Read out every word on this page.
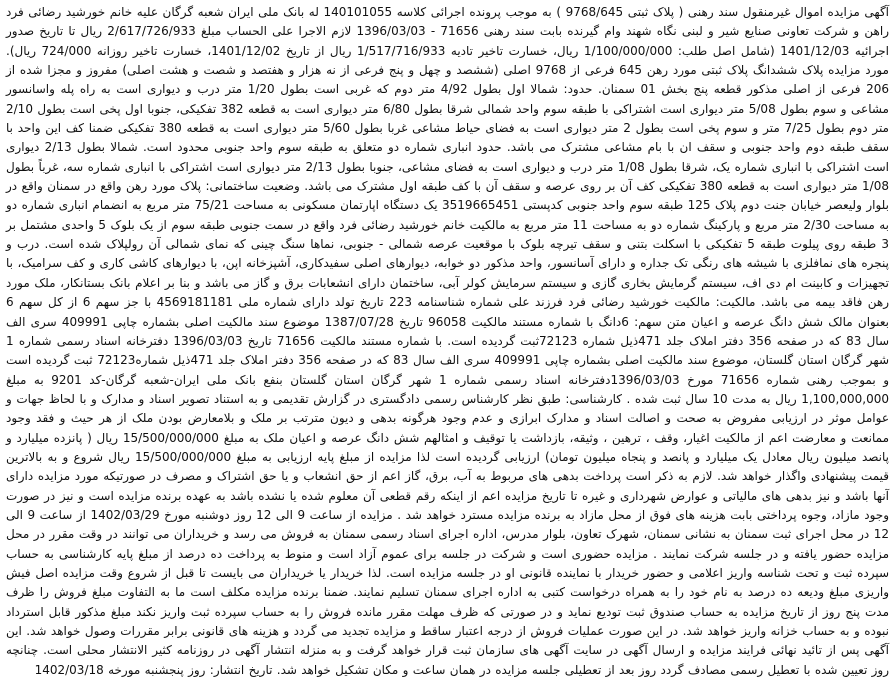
آگهی مزایده اموال غیرمنقول سند رهنی ( پلاک ثبتی 9768/645 ) به موجب پرونده اجرائی کلاسه 140101055 له بانک ملی ایران شعبه گرگان علیه خانم خورشید رضائی فرد راهن و شرکت تعاونی صنایع شیر و لبنی نگاه شهند وام گیرنده بابت سند رهنی 71656 - 1396/03/03 لازم الاجرا علی الحساب مبلغ 2/617/726/933 ریال تا تاریخ صدور اجرائیه 1401/12/03 (شامل اصل طلب: 1/100/000/000 ریال، خسارت تاخیر تادیه 1/517/716/933 ریال از تاریخ 1401/12/02، خسارت تاخیر روزانه 724/000 ریال). مورد مزایده پلاک ششدانگ پلاک ثبتی مورد رهن 645 فرعی از 9768 اصلی (ششصد و چهل و پنج فرعی از نه هزار و هفتصد و شصت و هشت اصلی) مفروز و مجزا شده از 206 فرعی از اصلی مذکور قطعه پنج بخش 01 سمنان. حدود: شمالا اول بطول 4/92 متر دوم که غربی است بطول 1/20 متر درب و دیواری است به راه پله واسانسور مشاعی و سوم بطول 5/08 متر دیواری است اشتراکی با طبقه سوم واحد شمالی شرقا بطول 6/80 متر دیواری است به قطعه 382 تفکیکی، جنوبا اول پخی است بطول 2/10 متر دوم بطول 7/25 متر و سوم پخی است بطول 2 متر دیواری است به فضای حیاط مشاعی غربا بطول 5/60 متر دیواری است به قطعه 380 تفکیکی ضمنا کف این واحد با سقف طبقه دوم واحد جنوبی و سقف ان با بام مشاعی مشترک می باشد. حدود انباری شماره دو متعلق به طبقه سوم واحد جنوبی محدود است. شمالا بطول 2/13 دیواری است اشتراکی با انباری شماره یک، شرقا بطول 1/08 متر درب و دیواری است به فضای مشاعی، جنوبا بطول 2/13 متر دیواری است اشتراکی با انباری شماره سه، غرباً بطول 1/08 متر دیواری است به قطعه 380 تفکیکی کف آن بر روی عرصه و سقف آن با کف طبقه اول مشترک می باشد. وضعیت ساختمانی: پلاک مورد رهن واقع در سمنان واقع در بلوار ولیعصر خیابان جنت دوم پلاک 125 طبقه سوم واحد جنوبی کدپستی 3519665451 یک دستگاه اپارتمان مسکونی به مساحت 75/21 متر مربع به انضمام انباری شماره دو به مساحت 2/30 متر مربع و پارکینگ شماره دو به مساحت 11 متر مربع به مالکیت خانم خورشید رضائی فرد واقع در سمت جنوبی طبقه سوم از یک بلوک 5 واحدی مشتمل بر 3 طبقه روی پیلوت طبقه 5 تفکیکی با اسکلت بتنی و سقف تیرچه بلوک با موقعیت عرصه شمالی - جنوبی، نماها سنگ چینی که نمای شمالی آن رولپلاک شده است. درب و پنجره های نمافلزی با شیشه های رنگی تک جداره و دارای آسانسور، واحد مذکور دو خوابه، دیوارهای اصلی سفیدکاری، آشپزخانه اپن، با دیوارهای کاشی کاری و کف سرامیک، با تجهیزات و کابینت ام دی اف، سیستم گرمایش بخاری گازی و سیستم سرمایش کولر آبی، ساختمان دارای انشعابات برق و گاز می باشد و بنا بر اعلام بانک بستانکار، ملک مورد رهن فاقد بیمه می باشد. مالکیت: مالکیت خورشید رضائی فرد فرزند علی شماره شناسنامه 223 تاریخ تولد دارای شماره ملی 4569181181 با جز سهم 6 از کل سهم 6 بعنوان مالک شش دانگ عرصه و اعیان متن سهم: 6دانگ با شماره مستند مالکیت 96058 تاریخ 1387/07/28 موضوع سند مالکیت اصلی بشماره چاپی 409991 سری الف سال 83 که در صفحه 356 دفتر املاک جلد 471ذیل شماره 72123ثبت گردیده است. با شماره مستند مالکیت 71656 تاریخ 1396/03/03 دفترخانه اسناد رسمی شماره 1 شهر گرگان استان گلستان، موضوع سند مالکیت اصلی بشماره چاپی 409991 سری الف سال 83 که در صفحه 356 دفتر املاک جلد 471ذیل شماره72123 ثبت گردیده است و بموجب رهنی شماره 71656 مورخ 1396/03/03دفترخانه اسناد رسمی شماره 1 شهر گرگان استان گلستان بنفع بانک ملی ایران-شعبه گرگان-کد 9201 به مبلغ 1,100,000,000 ریال به مدت 10 سال ثبت شده . کارشناسی: طبق نظر کارشناس رسمی دادگستری در گزارش تقدیمی و به استناد تصویر اسناد و مدارک و با لحاظ جهات و عوامل موثر در ارزیابی مفروض به صحت و اصالت اسناد و مدارک ابرازی و عدم وجود هرگونه بدهی و دیون مترتب بر ملک و بلامعارض بودن ملک از هر حیث و فقد وجود ممانعت و معارضت اعم از مالکیت اغیار، وقف ، ترهین ، وثیقه، بازداشت یا توقیف و امثالهم شش دانگ عرصه و اعیان ملک به مبلغ 15/500/000/000 ریال ( پانزده میلیارد و پانصد میلیون ریال معادل یک میلیارد و پانصد و پنجاه میلیون تومان) ارزیابی گردیده است لذا مزایده از مبلغ پایه ارزیابی به مبلغ 15/500/000/000 ریال شروع و به بالاترین قیمت پیشنهادی واگذار خواهد شد. لازم به ذکر است پرداخت بدهی های مربوط به آب، برق، گاز اعم از حق انشعاب و یا حق اشتراک و مصرف در صورتیکه مورد مزایده دارای آنها باشد و نیز بدهی های مالیاتی و عوارض شهرداری و غیره تا تاریخ مزایده اعم از اینکه رقم قطعی آن معلوم شده یا نشده باشد به عهده برنده مزایده است و نیز در صورت وجود مازاد، وجوه پرداختی بابت هزینه های فوق از محل مازاد به برنده مزایده مسترد خواهد شد . مزایده از ساعت 9 الی 12 روز دوشنبه مورخ 1402/03/29 از ساعت 9 الی 12 در محل اجرای ثبت سمنان به نشانی سمنان، شهرک تعاون، بلوار مدرس، اداره اجرای اسناد رسمی سمنان به فروش می رسد و خریداران می توانند در وقت مقرر در محل مزایده حضور یافته و در جلسه شرکت نمایند . مزایده حضوری است و شرکت در جلسه برای عموم آزاد است و منوط به پرداخت ده درصد از مبلغ پایه کارشناسی به حساب سپرده ثبت و تحت شناسه واریز اعلامی و حضور خریدار با نماینده قانونی او در جلسه مزایده است. لذا خریدار یا خریداران می بایست تا قبل از شروع وقت مزایده اصل فیش واریزی مبلغ ودیعه ده درصد به نام خود را به همراه درخواست کتبی به اداره اجرای سمنان تسلیم نمایند. ضمنا برنده مزایده مکلف است ما به التفاوت مبلغ فروش را ظرف مدت پنج روز از تاریخ مزایده به حساب صندوق ثبت تودیع نماید و در صورتی که ظرف مهلت مقرر مانده فروش را به حساب سپرده ثبت واریز نکند مبلغ مذکور قابل استرداد نبوده و به حساب خزانه واریز خواهد شد. در این صورت عملیات فروش از درجه اعتبار ساقط و مزایده تجدید می گردد و هزینه های قانونی برابر مقررات وصول خواهد شد. این آگهی پس از تائید نهائی فرایند مزایده و ارسال آگهی در سایت آگهی های سازمان ثبت قرار خواهد گرفت و به منزله انتشار آگهی در روزنامه کثیر الانتشار محلی است. چنانچه روز تعیین شده با تعطیل رسمی مصادف گردد روز بعد از تعطیلی جلسه مزایده در همان ساعت و مکان تشکیل خواهد شد. تاریخ انتشار: روز پنجشنبه مورخه 1402/03/18
